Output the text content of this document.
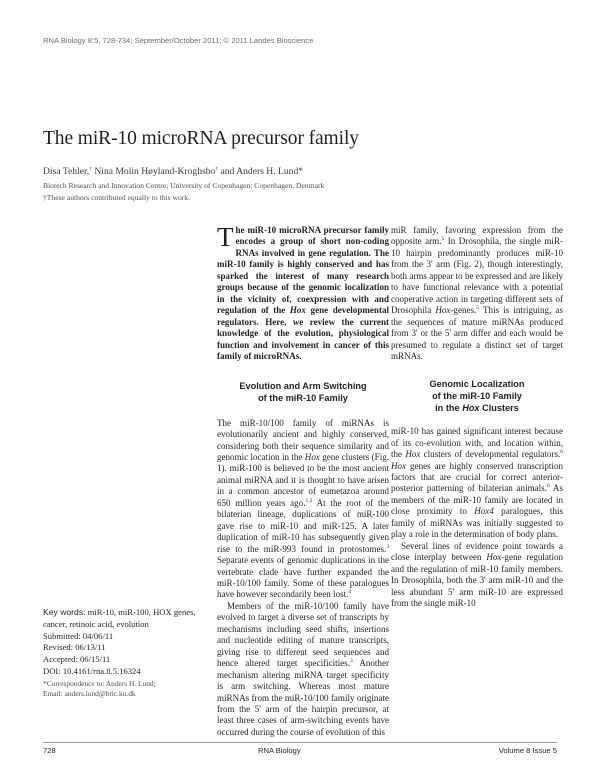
RNA Biology 8:5, 728-734; September/October 2011; © 2011 Landes Bioscience
The miR-10 microRNA precursor family
Disa Tehler,† Nina Molin Høyland-Kroghsbo† and Anders H. Lund*
Biotech Research and Innovation Centre; University of Copenhagen; Copenhagen, Denmark
†These authors contributed equally to this work.

The miR-10 microRNA precursor family encodes a group of short non-coding RNAs involved in gene regulation. The miR-10 family is highly conserved and has sparked the interest of many research groups because of the genomic localization in the vicinity of, coexpression with and regulation of the Hox gene developmental regulators. Here, we review the current knowledge of the evolution, physiological function and involvement in cancer of this family of microRNAs.

Evolution and Arm Switching
of the miR-10 Family

The miR-10/100 family of miRNAs is evolutionarily ancient and highly conserved, considering both their sequence similarity and genomic location in the Hox gene clusters (Fig. 1). miR-100 is believed to be the most ancient animal miRNA and it is thought to have arisen in a common ancestor of eumetazoa around 650 million years ago.$^{1,2}$ At the root of the bilaterian lineage, duplications of miR-100 gave rise to miR-10 and miR-125. A later duplication of miR-10 has subsequently given rise to the miR-993 found in protostomes.$^3$ Separate events of genomic duplications in the vertebrate clade have further expanded the miR-10/100 family. Some of these paralogues have however secondarily been lost.$^4$

Members of the miR-10/100 family have evolved to target a diverse set of transcripts by mechanisms including seed shifts, insertions and nucleotide editing of mature transcripts, giving rise to different seed sequences and hence altered target specificities.$^3$ Another mechanism altering miRNA target specificity is arm switching. Whereas most mature miRNAs from the miR-10/100 family originate from the 5' arm of the hairpin precursor, at least three cases of arm-switching events have occurred during the course of evolution of this

miR family, favoring expression from the opposite arm.$^5$ In Drosophila, the single miR-10 hairpin predominantly produces miR-10 from the 3' arm (Fig. 2), though interestingly, both arms appear to be expressed and are likely to have functional relevance with a potential cooperative action in targeting different sets of Drosophila Hox-genes.$^5$ This is intriguing, as the sequences of mature miRNAs produced from 3' or the 5' arm differ and each would be presumed to regulate a distinct set of target mRNAs.

Genomic Localization
of the miR-10 Family
in the Hox Clusters

miR-10 has gained significant interest because of its co-evolution with, and location within, the Hox clusters of developmental regulators.$^6$ Hox genes are highly conserved transcription factors that are crucial for correct anterior-posterior patterning of bilaterian animals.$^6$ As members of the miR-10 family are located in close proximity to Hox4 paralogues, this family of miRNAs was initially suggested to play a role in the determination of body plans.

Several lines of evidence point towards a close interplay between Hox-gene regulation and the regulation of miR-10 family members. In Drosophila, both the 3' arm miR-10 and the less abundant 5' arm miR-10 are expressed from the single miR-10

Key words: miR-10, miR-100, HOX genes, cancer, retinoic acid, evolution
Submitted: 04/06/11
Revised: 06/13/11
Accepted: 06/15/11
DOI: 10.4161/rna.8.5.16324
*Correspondence to: Anders H. Lund;
Email: anders.lund@bric.ku.dk
728	RNA Biology	Volume 8 Issue 5
